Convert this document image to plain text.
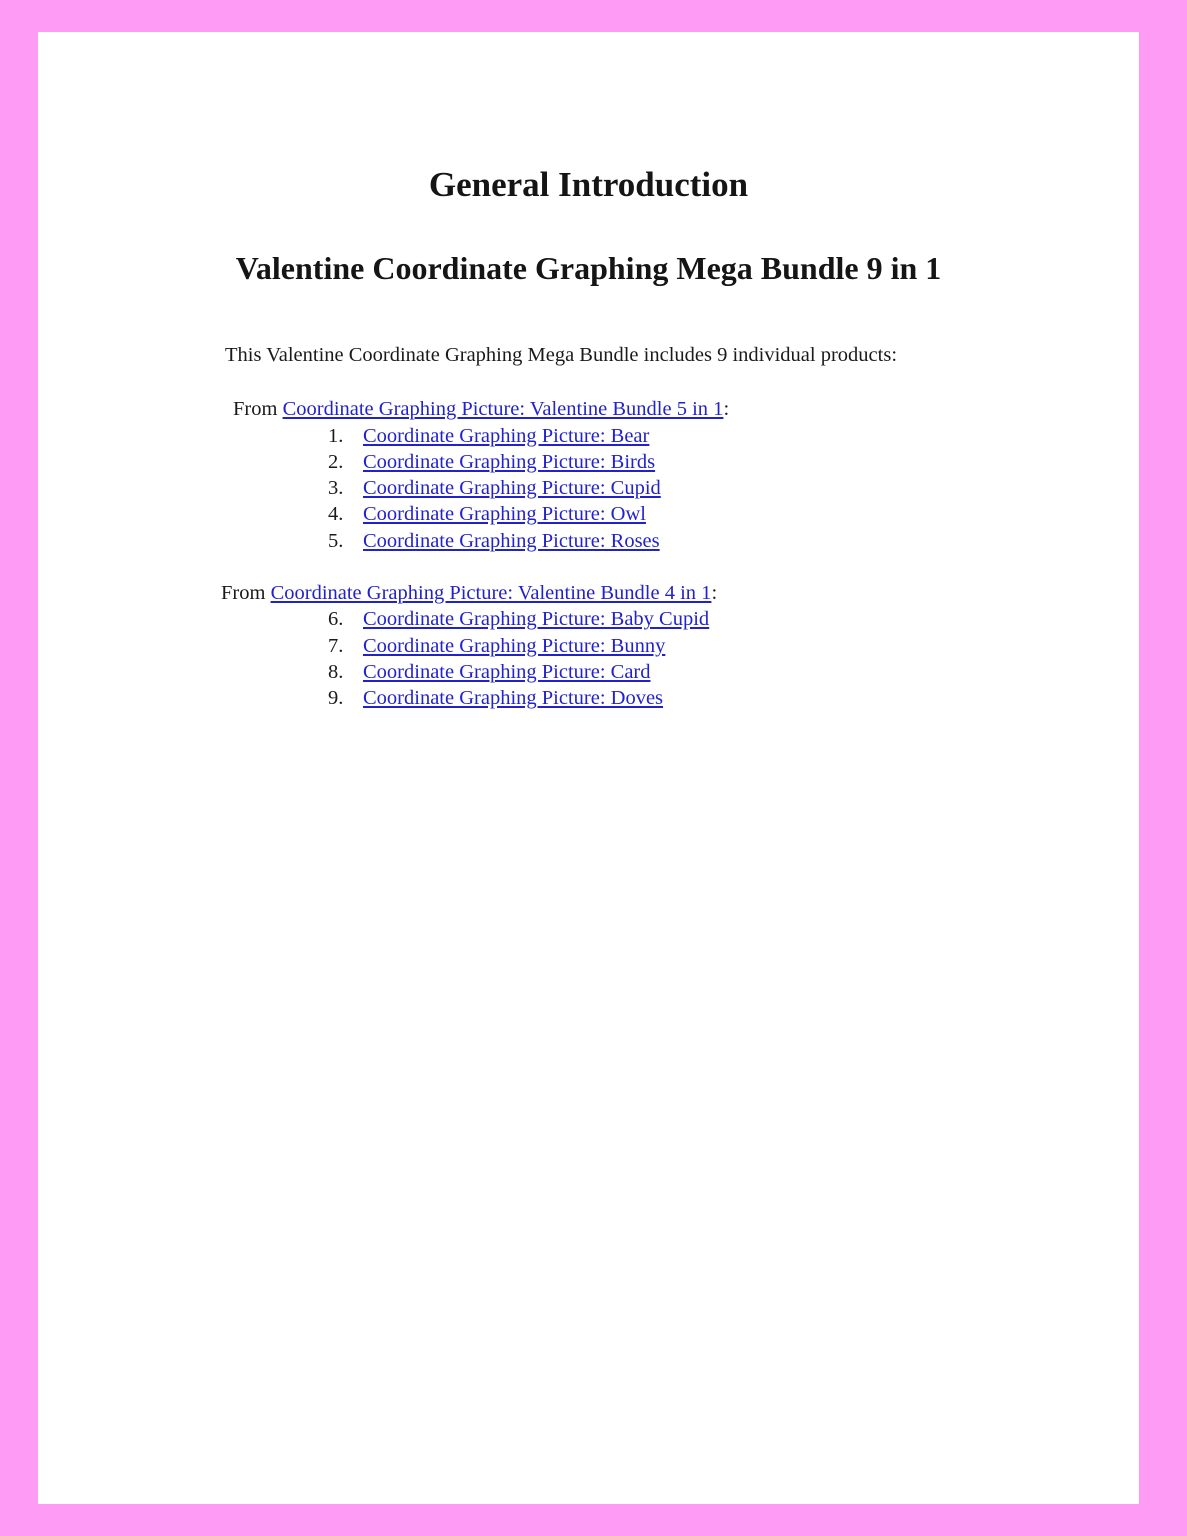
General Introduction
Valentine Coordinate Graphing Mega Bundle 9 in 1

This Valentine Coordinate Graphing Mega Bundle includes 9 individual products:

From Coordinate Graphing Picture: Valentine Bundle 5 in 1:

1. Coordinate Graphing Picture: Bear
2. Coordinate Graphing Picture: Birds
3. Coordinate Graphing Picture: Cupid
4. Coordinate Graphing Picture: Owl
5. Coordinate Graphing Picture: Roses

From Coordinate Graphing Picture: Valentine Bundle 4 in 1:

6. Coordinate Graphing Picture: Baby Cupid
7. Coordinate Graphing Picture: Bunny
8. Coordinate Graphing Picture: Card
9. Coordinate Graphing Picture: Doves
